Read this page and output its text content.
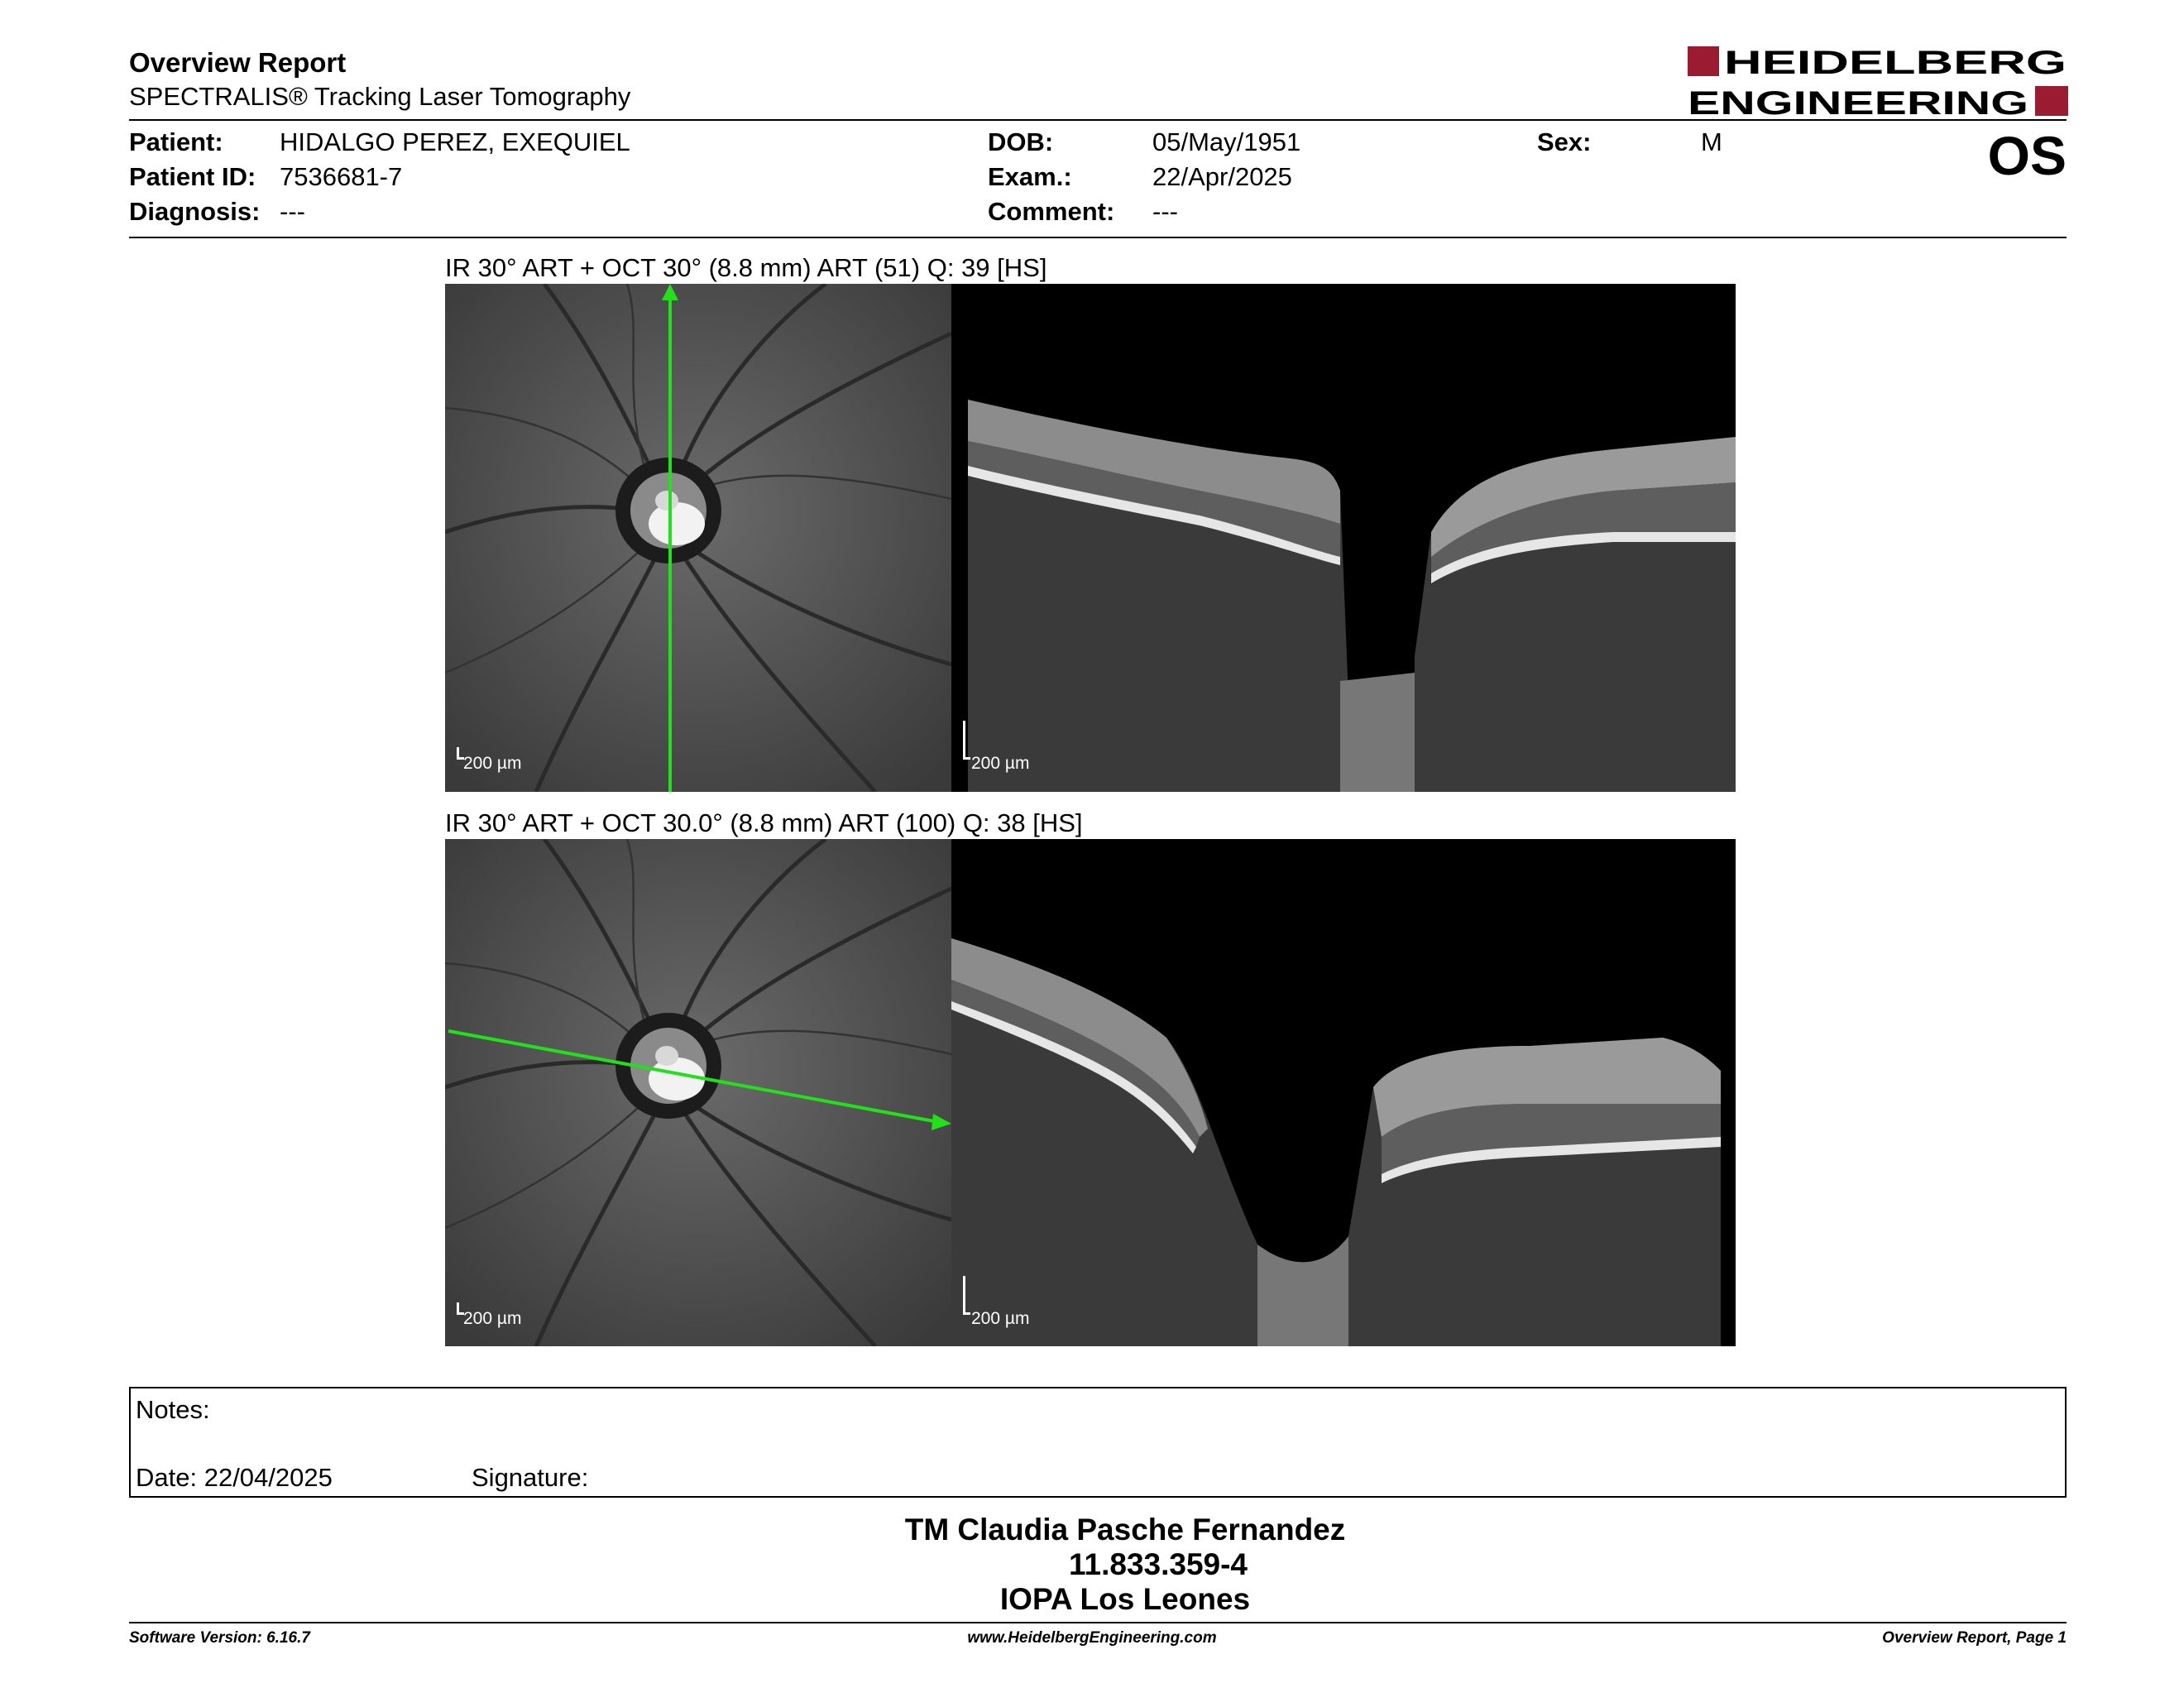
Overview Report
SPECTRALIS® Tracking Laser Tomography
HEIDELBERG
ENGINEERING
Patient: HIDALGO PEREZ, EXEQUIEL
Patient ID: 7536681-7
Diagnosis: ---
DOB:	05/May/1951
Exam.:	22/Apr/2025
Comment: ---
Sex:	M	OS
IR 30° ART + OCT 30° (8.8 mm) ART (51) Q: 39 [HS]
200 µm	200 µm
IR 30° ART + OCT 30.0° (8.8 mm) ART (100) Q: 38 [HS]
200 µm	200 µm
Notes:
Date: 22/04/2025	Signature:
TM Claudia Pasche Fernandez
11.833.359-4
IOPA Los Leones
Software Version: 6.16.7	www.HeidelbergEngineering.com	Overview Report, Page 1
